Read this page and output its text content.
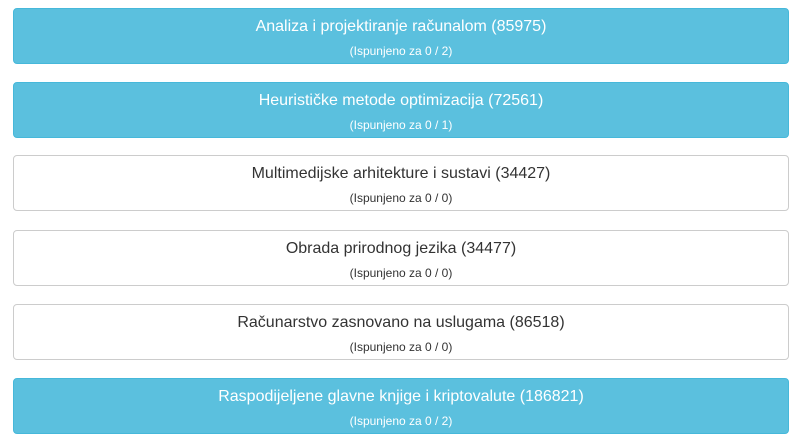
Analiza i projektiranje računalom (85975)
(Ispunjeno za 0 / 2)
Heurističke metode optimizacija (72561)
(Ispunjeno za 0 / 1)
Multimedijske arhitekture i sustavi (34427)
(Ispunjeno za 0 / 0)
Obrada prirodnog jezika (34477)
(Ispunjeno za 0 / 0)
Računarstvo zasnovano na uslugama (86518)
(Ispunjeno za 0 / 0)
Raspodijeljene glavne knjige i kriptovalute (186821)
(Ispunjeno za 0 / 2)
